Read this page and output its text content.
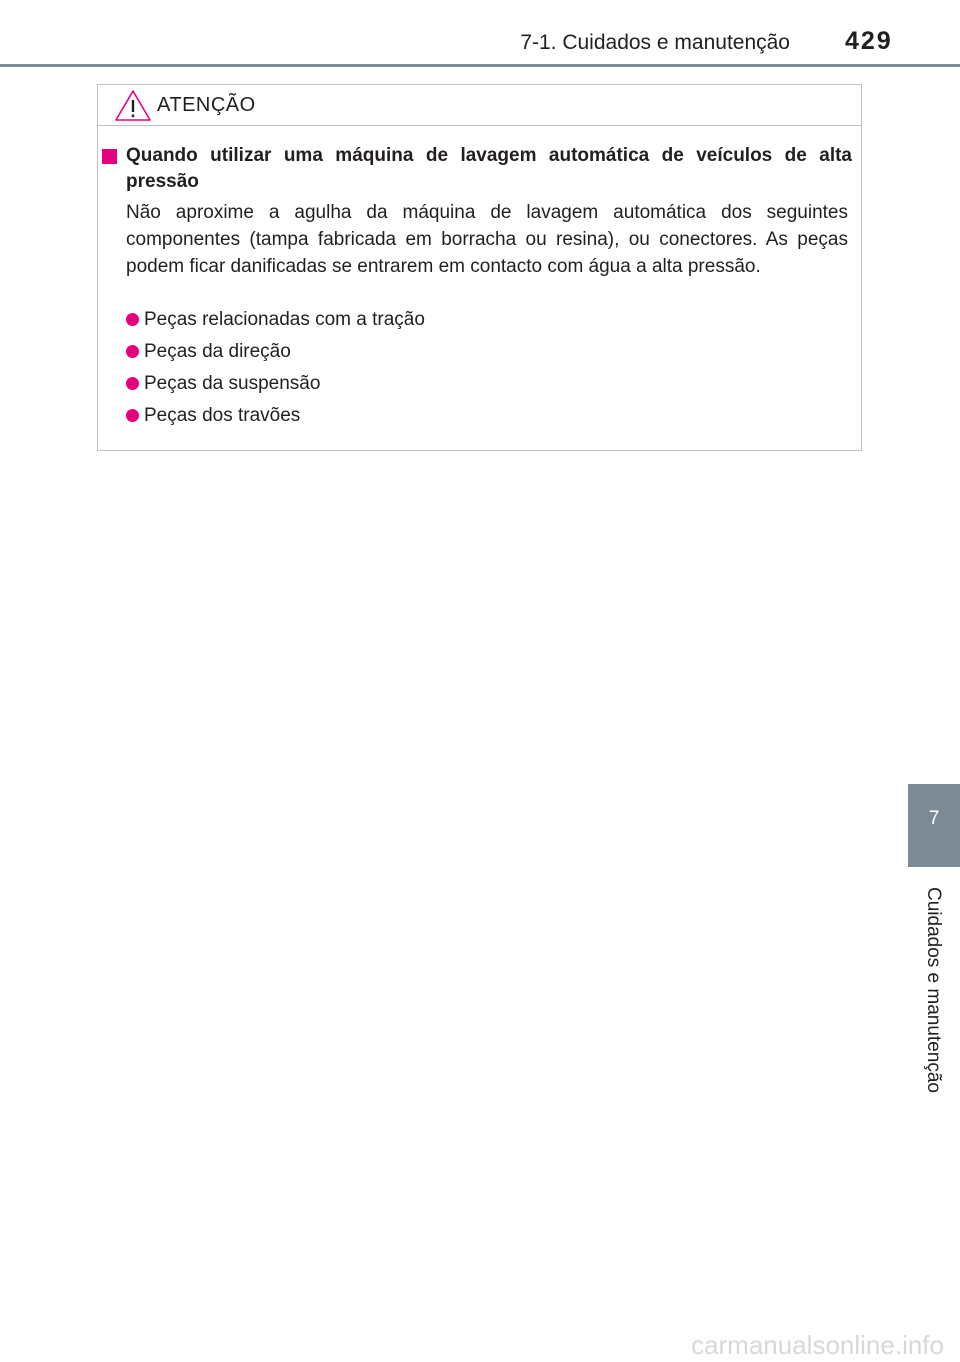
7-1. Cuidados e manutenção 429
ATENÇÃO
Quando utilizar uma máquina de lavagem automática de veículos de alta pressão
Não aproxime a agulha da máquina de lavagem automática dos seguintes componentes (tampa fabricada em borracha ou resina), ou conectores. As peças podem ficar danificadas se entrarem em contacto com água a alta pressão.
Peças relacionadas com a tração
Peças da direção
Peças da suspensão
Peças dos travões
7
Cuidados e manutenção
carmanualsonline.info
